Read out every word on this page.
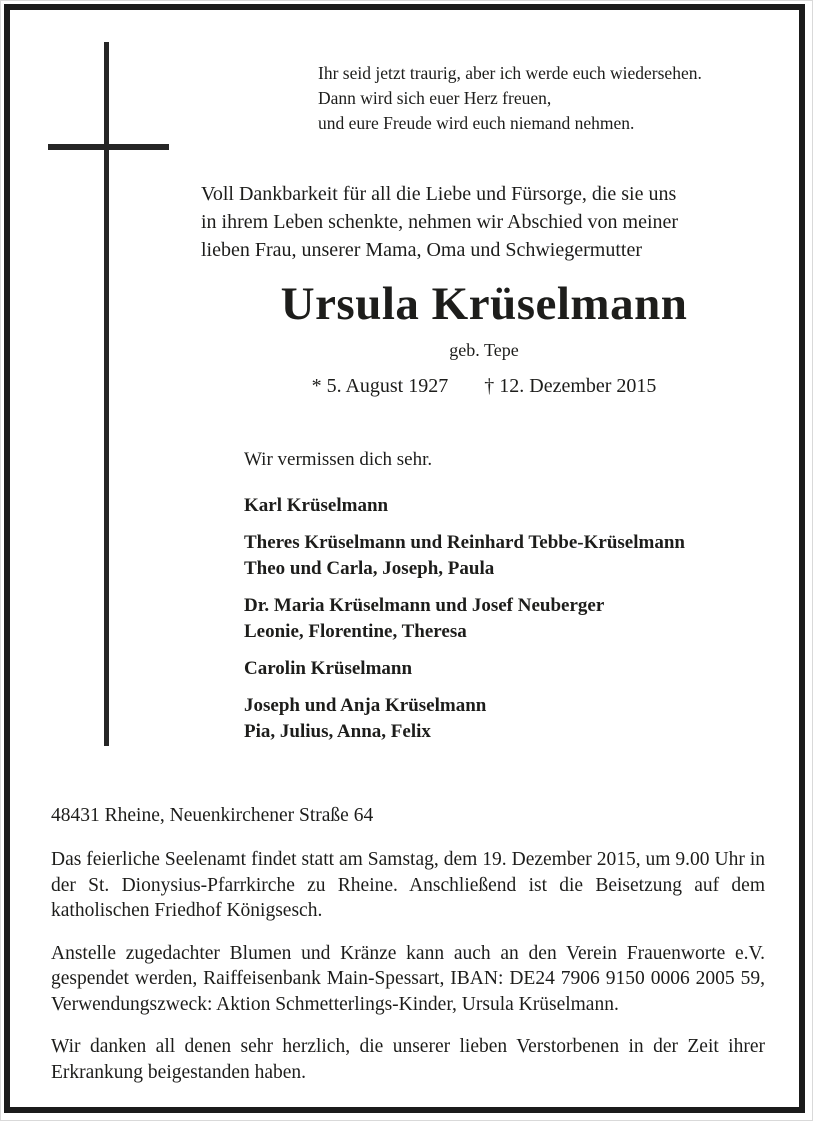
Ihr seid jetzt traurig, aber ich werde euch wiedersehen.
Dann wird sich euer Herz freuen,
und eure Freude wird euch niemand nehmen.
Voll Dankbarkeit für all die Liebe und Fürsorge, die sie uns
in ihrem Leben schenkte, nehmen wir Abschied von meiner
lieben Frau, unserer Mama, Oma und Schwiegermutter
Ursula Krüselmann
geb. Tepe
* 5. August 1927 † 12. Dezember 2015
Wir vermissen dich sehr.
Karl Krüselmann
Theres Krüselmann und Reinhard Tebbe-Krüselmann
Theo und Carla, Joseph, Paula
Dr. Maria Krüselmann und Josef Neuberger
Leonie, Florentine, Theresa
Carolin Krüselmann
Joseph und Anja Krüselmann
Pia, Julius, Anna, Felix
48431 Rheine, Neuenkirchener Straße 64

Das feierliche Seelenamt findet statt am Samstag, dem 19. Dezember 2015, um 9.00 Uhr in der St. Dionysius-Pfarrkirche zu Rheine. Anschließend ist die Beisetzung auf dem katholischen Friedhof Königsesch.

Anstelle zugedachter Blumen und Kränze kann auch an den Verein Frauenworte e.V. gespendet werden, Raiffeisenbank Main-Spessart, IBAN: DE24 7906 9150 0006 2005 59, Verwendungszweck: Aktion Schmetterlings-Kinder, Ursula Krüselmann.

Wir danken all denen sehr herzlich, die unserer lieben Verstorbenen in der Zeit ihrer Erkrankung beigestanden haben.
